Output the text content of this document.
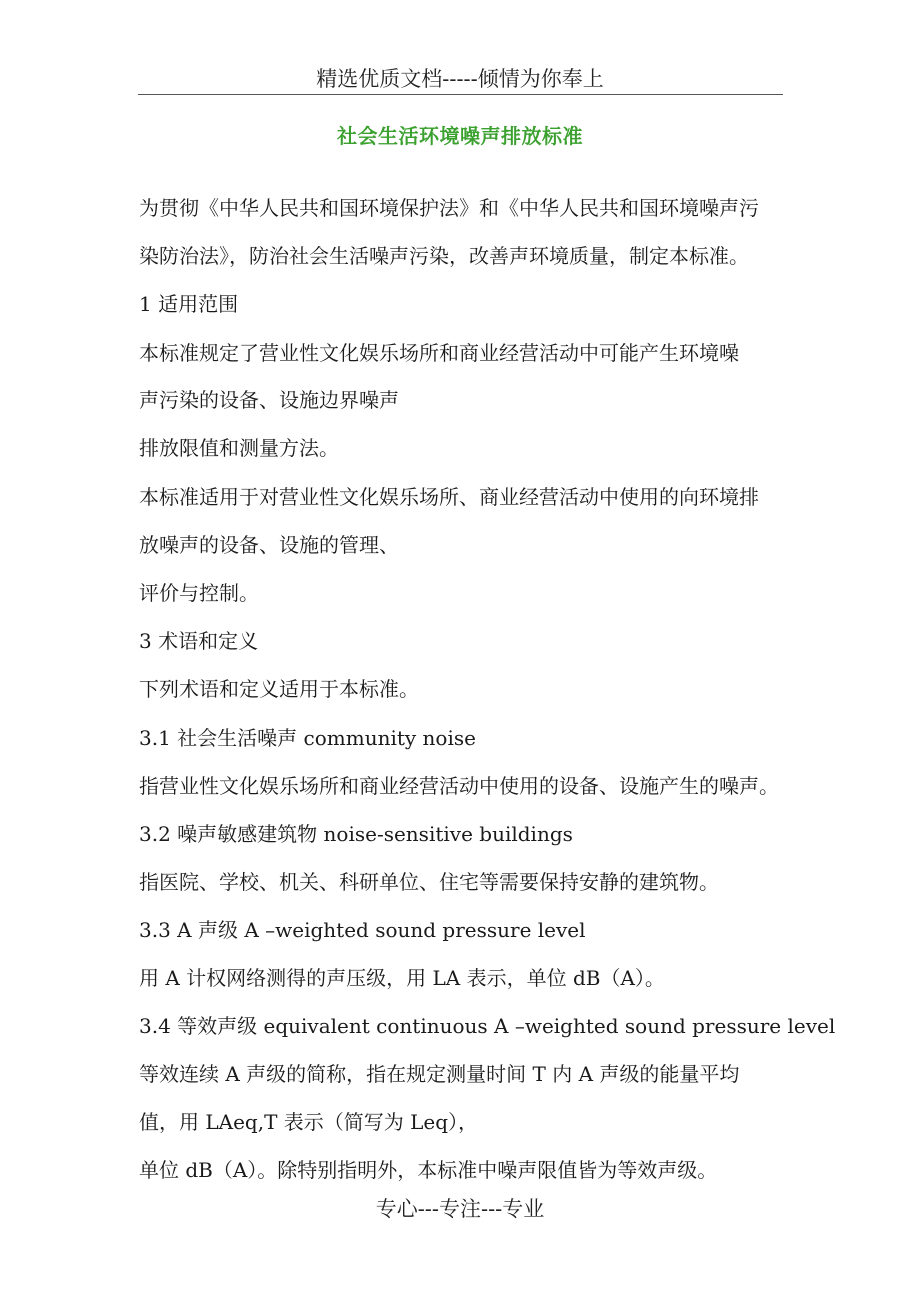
精选优质文档-----倾情为你奉上
社会生活环境噪声排放标准
为贯彻《中华人民共和国环境保护法》和《中华人民共和国环境噪声污
染防治法》，防治社会生活噪声污染，改善声环境质量，制定本标准。
1 适用范围
本标准规定了营业性文化娱乐场所和商业经营活动中可能产生环境噪
声污染的设备、设施边界噪声
排放限值和测量方法。
本标准适用于对营业性文化娱乐场所、商业经营活动中使用的向环境排
放噪声的设备、设施的管理、
评价与控制。
3 术语和定义
下列术语和定义适用于本标准。
3.1 社会生活噪声 community noise
指营业性文化娱乐场所和商业经营活动中使用的设备、设施产生的噪声。
3.2 噪声敏感建筑物 noise-sensitive buildings
指医院、学校、机关、科研单位、住宅等需要保持安静的建筑物。
3.3 A 声级 A –weighted sound pressure level
用 A 计权网络测得的声压级，用 LA 表示，单位 dB（A）。
3.4 等效声级 equivalent continuous A –weighted sound pressure level
等效连续 A 声级的简称，指在规定测量时间 T 内 A 声级的能量平均
值，用 LAeq,T 表示（简写为 Leq），
单位 dB（A）。除特别指明外，本标准中噪声限值皆为等效声级。
专心---专注---专业
